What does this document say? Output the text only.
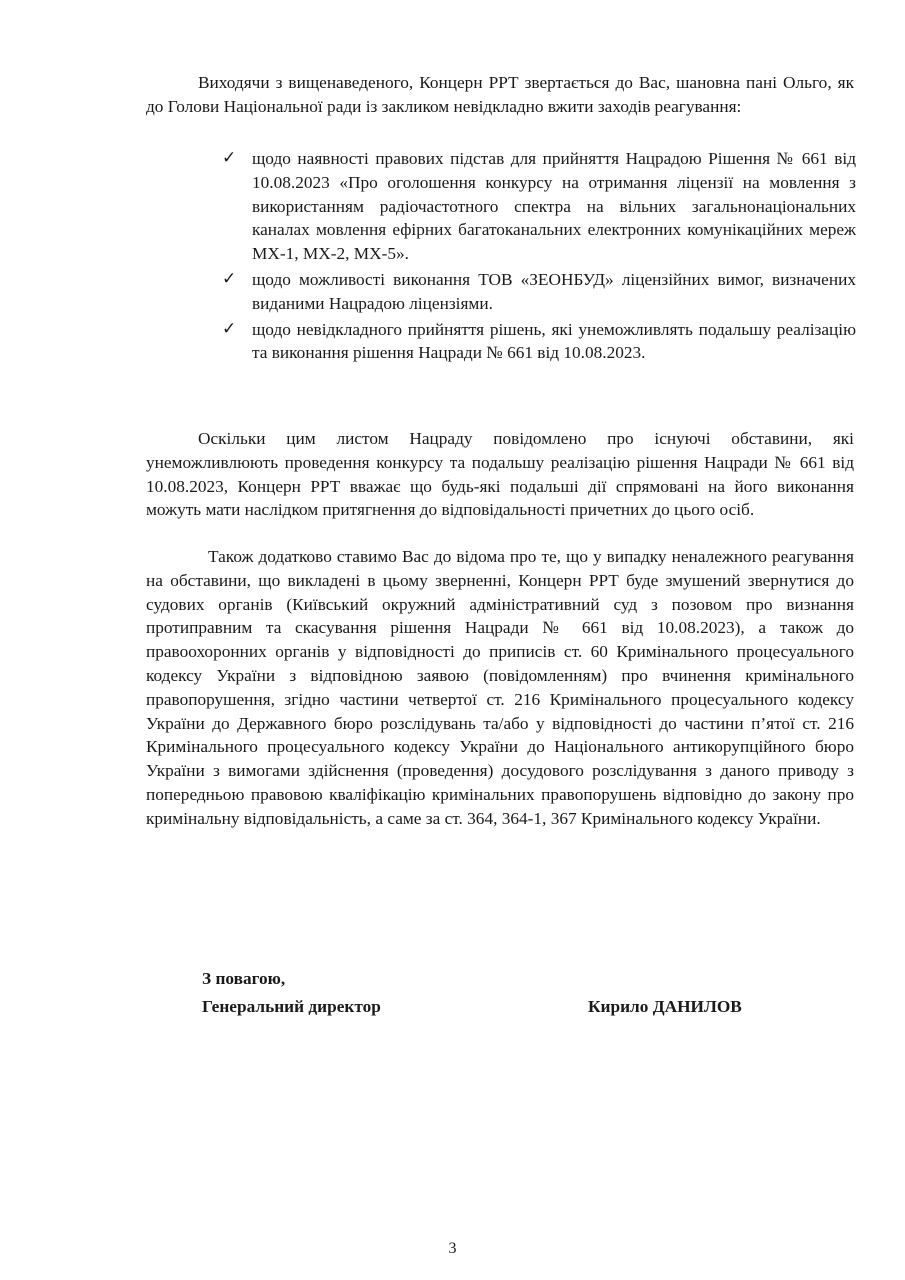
Виходячи з вищенаведеного, Концерн РРТ звертається до Вас, шановна пані Ольго, як до Голови Національної ради із закликом невідкладно вжити заходів реагування:

✓ щодо наявності правових підстав для прийняття Нацрадою Рішення № 661 від 10.08.2023 «Про оголошення конкурсу на отримання ліцензії на мовлення з використанням радіочастотного спектра на вільних загальнонаціональних каналах мовлення ефірних багатоканальних електронних комунікаційних мереж MX-1, MX-2, MX-5».
✓ щодо можливості виконання ТОВ «ЗЕОНБУД» ліцензійних вимог, визначених виданими Нацрадою ліцензіями.
✓ щодо невідкладного прийняття рішень, які унеможливлять подальшу реалізацію та виконання рішення Нацради № 661 від 10.08.2023.

Оскільки цим листом Нацраду повідомлено про існуючі обставини, які унеможливлюють проведення конкурсу та подальшу реалізацію рішення Нацради № 661 від 10.08.2023, Концерн РРТ вважає що будь-які подальші дії спрямовані на його виконання можуть мати наслідком притягнення до відповідальності причетних до цього осіб.

Також додатково ставимо Вас до відома про те, що у випадку неналежного реагування на обставини, що викладені в цьому зверненні, Концерн РРТ буде змушений звернутися до судових органів (Київський окружний адміністративний суд з позовом про визнання протиправним та скасування рішення Нацради № 661 від 10.08.2023), а також до правоохоронних органів у відповідності до приписів ст. 60 Кримінального процесуального кодексу України з відповідною заявою (повідомленням) про вчинення кримінального правопорушення, згідно частини четвертої ст. 216 Кримінального процесуального кодексу України до Державного бюро розслідувань та/або у відповідності до частини п’ятої ст. 216 Кримінального процесуального кодексу України до Національного антикорупційного бюро України з вимогами здійснення (проведення) досудового розслідування з даного приводу з попередньою правовою кваліфікацію кримінальних правопорушень відповідно до закону про кримінальну відповідальність, а саме за ст. 364, 364-1, 367 Кримінального кодексу України.

З повагою,
Генеральний директор	Кирило ДАНИЛОВ
3
